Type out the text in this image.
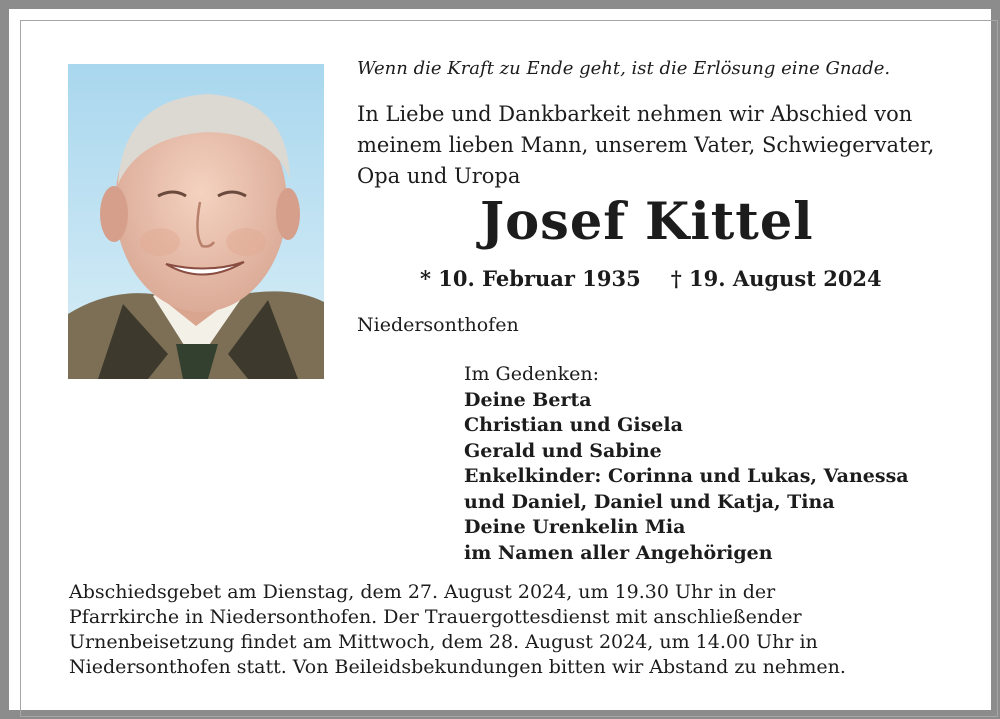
Wenn die Kraft zu Ende geht, ist die Erlösung eine Gnade.
In Liebe und Dankbarkeit nehmen wir Abschied von
meinem lieben Mann, unserem Vater, Schwiegervater,
Opa und Uropa
Josef Kittel
* 10. Februar 1935 † 19. August 2024
Niedersonthofen
Im Gedenken:
Deine Berta
Christian und Gisela
Gerald und Sabine
Enkelkinder: Corinna und Lukas, Vanessa
und Daniel, Daniel und Katja, Tina
Deine Urenkelin Mia
im Namen aller Angehörigen
Abschiedsgebet am Dienstag, dem 27. August 2024, um 19.30 Uhr in der
Pfarrkirche in Niedersonthofen. Der Trauergottesdienst mit anschließender
Urnenbeisetzung findet am Mittwoch, dem 28. August 2024, um 14.00 Uhr in
Niedersonthofen statt. Von Beileidsbekundungen bitten wir Abstand zu nehmen.
